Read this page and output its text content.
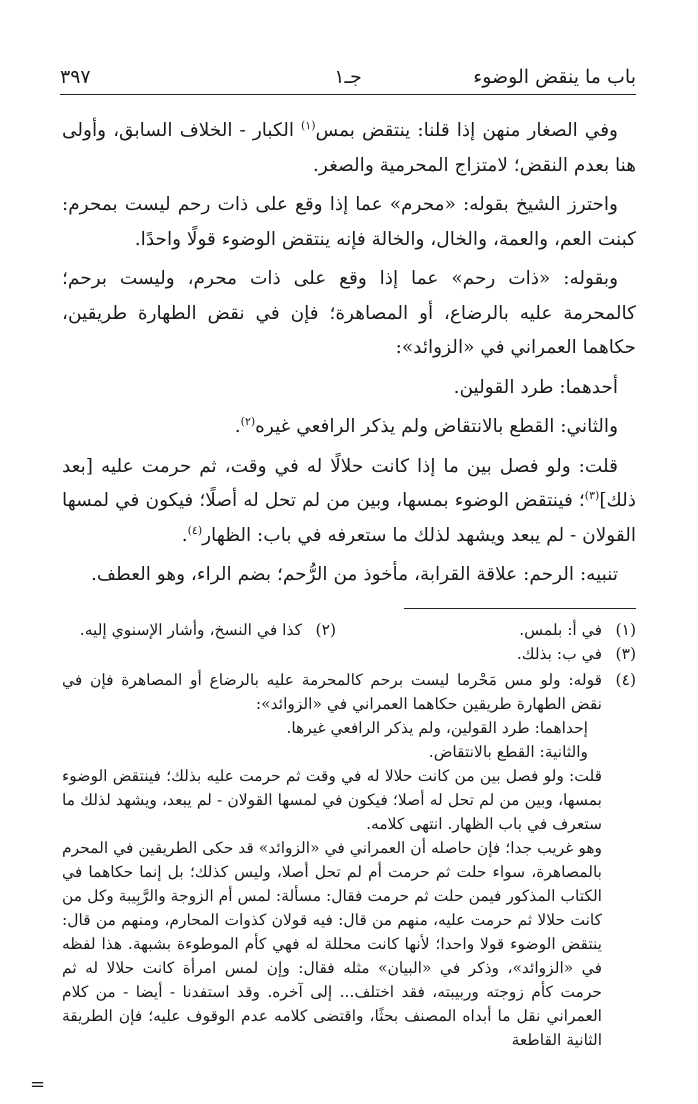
باب ما ينقض الوضوء
جـ١
٣٩٧

وفي الصغار منهن إذا قلنا: ينتقض بمس$^{(١)}$ الكبار - الخلاف السابق، وأولى هنا بعدم النقض؛ لامتزاج المحرمية والصغر.

واحترز الشيخ بقوله: «محرم» عما إذا وقع على ذات رحم ليست بمحرم: كبنت العم، والعمة، والخال، والخالة فإنه ينتقض الوضوء قولًا واحدًا.

وبقوله: «ذات رحم» عما إذا وقع على ذات محرم، وليست برحم؛ كالمحرمة عليه بالرضاع، أو المصاهرة؛ فإن في نقض الطهارة طريقين، حكاهما العمراني في «الزوائد»:

أحدهما: طرد القولين.

والثاني: القطع بالانتقاض ولم يذكر الرافعي غيره$^{(٢)}$.

قلت: ولو فصل بين ما إذا كانت حلالًا له في وقت، ثم حرمت عليه [بعد ذلك]$^{(٣)}$؛ فينتقض الوضوء بمسها، وبين من لم تحل له أصلًا؛ فيكون في لمسها القولان - لم يبعد ويشهد لذلك ما ستعرفه في باب: الظهار$^{(٤)}$.

تنبيه: الرحم: علاقة القرابة، مأخوذ من الرُّحم؛ بضم الراء، وهو العطف.

(١)
في أ: بلمس.
(٢)
كذا في النسخ، وأشار الإسنوي إليه.
(٣)
في ب: بذلك.
(٤)

قوله: ولو مس مَحْرما ليست برحم كالمحرمة عليه بالرضاع أو المصاهرة فإن في نقض الطهارة طريقين حكاهما العمراني في «الزوائد»:

إحداهما: طرد القولين، ولم يذكر الرافعي غيرها.

والثانية: القطع بالانتقاض.

قلت: ولو فصل بين من كانت حلالا له في وقت ثم حرمت عليه بذلك؛ فينتقض الوضوء بمسها، وبين من لم تحل له أصلا؛ فيكون في لمسها القولان - لم يبعد، ويشهد لذلك ما ستعرف في باب الظهار. انتهى كلامه.

وهو غريب جدا؛ فإن حاصله أن العمراني في «الزوائد» قد حكى الطريقين في المحرم بالمصاهرة، سواء حلت ثم حرمت أم لم تحل أصلا، وليس كذلك؛ بل إنما حكاهما في الكتاب المذكور فيمن حلت ثم حرمت فقال: مسألة: لمس أم الزوجة والرَّبِيبة وكل من كانت حلالا ثم حرمت عليه، منهم من قال: فيه قولان كذوات المحارم، ومنهم من قال: ينتقض الوضوء قولا واحدا؛ لأنها كانت محللة له فهي كأم الموطوءة بشبهة. هذا لفظه في «الزوائد»، وذكر في «البيان» مثله فقال: وإن لمس امرأة كانت حلالا له ثم حرمت كأم زوجته وربيبته، فقد اختلف... إلى آخره. وقد استفدنا - أيضا - من كلام العمراني نقل ما أبداه المصنف بحثًا، واقتضى كلامه عدم الوقوف عليه؛ فإن الطريقة الثانية القاطعة

=
